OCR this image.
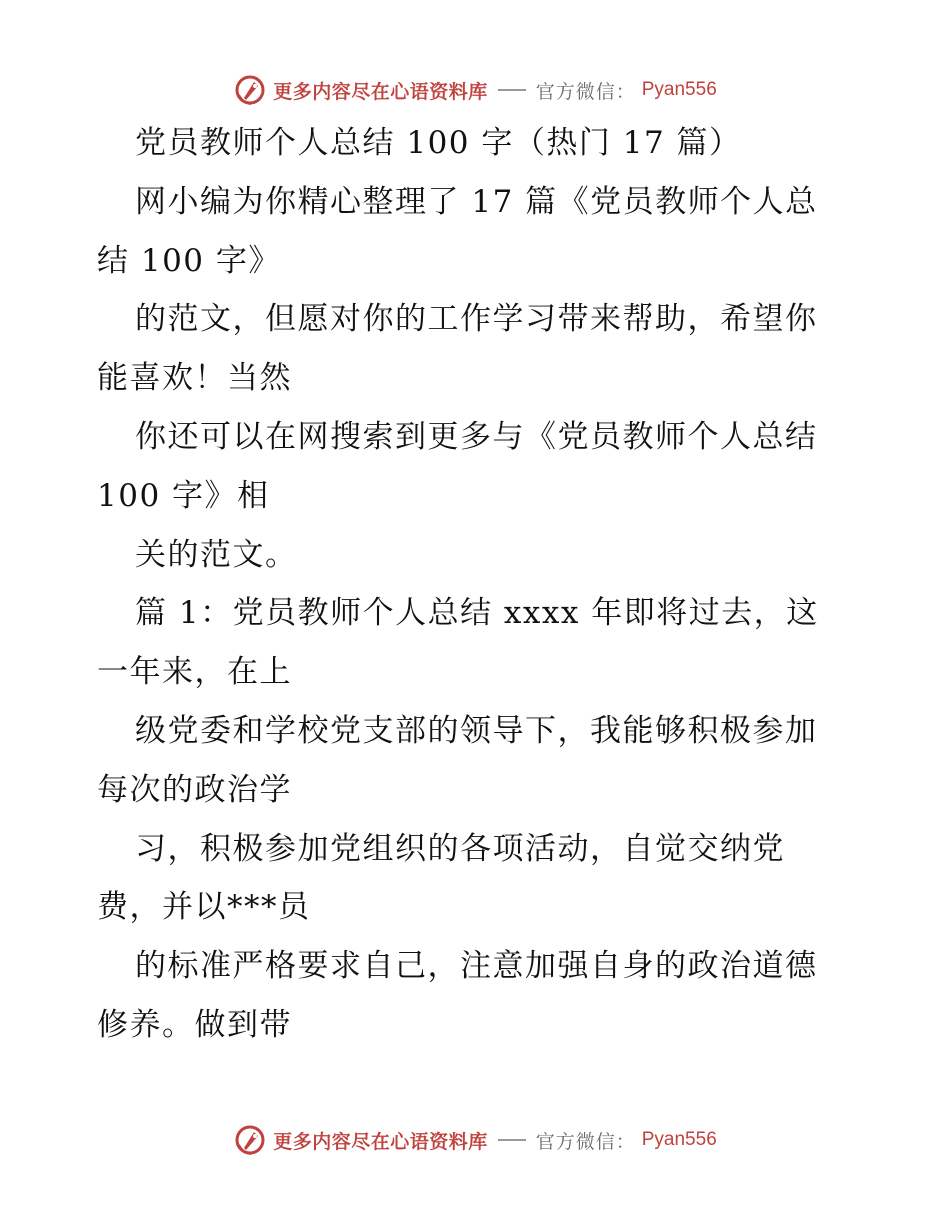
更多内容尽在心语资料库	官方微信： Pyan556
党员教师个人总结 100 字（热门 17 篇）
网小编为你精心整理了 17 篇《党员教师个人总
结 100 字》
的范文，但愿对你的工作学习带来帮助，希望你
能喜欢！当然
你还可以在网搜索到更多与《党员教师个人总结
100 字》相
关的范文。
篇 1：党员教师个人总结 xxxx 年即将过去，这
一年来，在上
级党委和学校党支部的领导下，我能够积极参加
每次的政治学
习，积极参加党组织的各项活动，自觉交纳党
费，并以***员
的标准严格要求自己，注意加强自身的政治道德
修养。做到带
更多内容尽在心语资料库	官方微信： Pyan556
